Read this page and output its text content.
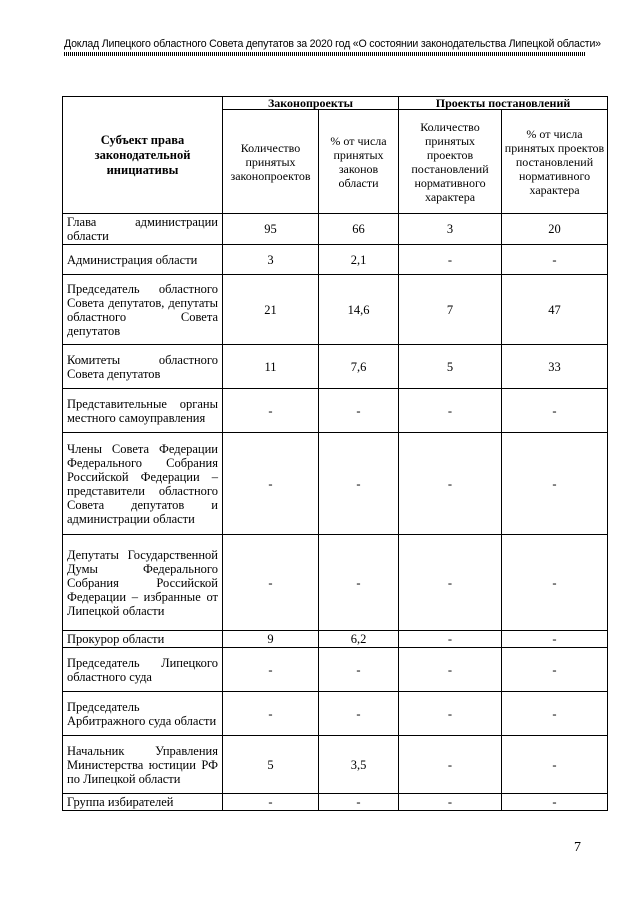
Доклад Липецкого областного Совета депутатов за 2020 год «О состоянии законодательства Липецкой области»
Субъект права законодательной инициативы	Законопроекты		Проекты постановлений	
	Количество принятых законопроектов	% от числа принятых законов области	Количество принятых проектов постановлений нормативного характера	% от числа принятых проектов постановлений нормативного характера
Глава администрации области	95	66	3	20
Администрация области	3	2,1	-	-
Председатель областного Совета депутатов, депутаты областного Совета депутатов	21	14,6	7	47
Комитеты областного Совета депутатов	11	7,6	5	33
Представительные органы местного самоуправления	-	-	-	-
Члены Совета Федерации Федерального Собрания Российской Федерации – представители областного Совета депутатов и администрации области	-	-	-	-
Депутаты Государственной Думы Федерального Собрания Российской Федерации – избранные от Липецкой области	-	-	-	-
Прокурор области	9	6,2	-	-
Председатель Липецкого областного суда	-	-	-	-
Председатель Арбитражного суда области	-	-	-	-
Начальник Управления Министерства юстиции РФ по Липецкой области	5	3,5	-	-
Группа избирателей	-	-	-	-
7
